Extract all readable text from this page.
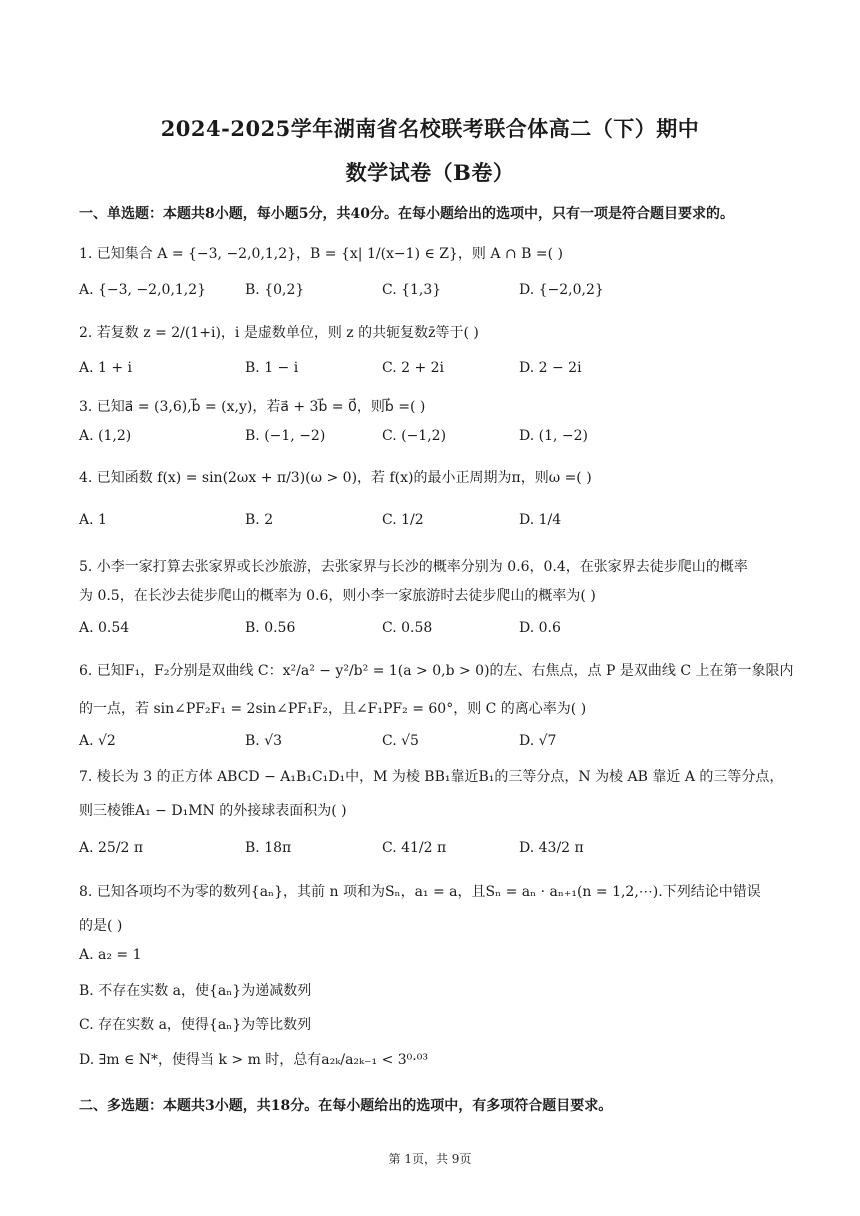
2024-2025学年湖南省名校联考联合体高二（下）期中
数学试卷（B卷）
一、单选题：本题共8小题，每小题5分，共40分。在每小题给出的选项中，只有一项是符合题目要求的。
1. 已知集合 A = {−3, −2,0,1,2}，B = {x| 1/(x−1) ∈ Z}，则 A ∩ B =( )
A. {−3, −2,0,1,2}	B. {0,2}	C. {1,3}	D. {−2,0,2}
2. 若复数 z = 2/(1+i)，i 是虚数单位，则 z 的共轭复数z̄等于( )
A. 1 + i	B. 1 − i	C. 2 + 2i	D. 2 − 2i
3. 已知a⃗ = (3,6),b⃗ = (x,y)，若a⃗ + 3b⃗ = 0⃗，则b⃗ =( )
A. (1,2)	B. (−1, −2)	C. (−1,2)	D. (1, −2)
4. 已知函数 f(x) = sin(2ωx + π/3)(ω > 0)，若 f(x)的最小正周期为π，则ω =( )
A. 1	B. 2	C. 1/2	D. 1/4
5. 小李一家打算去张家界或长沙旅游，去张家界与长沙的概率分别为 0.6，0.4，在张家界去徒步爬山的概率
为 0.5，在长沙去徒步爬山的概率为 0.6，则小李一家旅游时去徒步爬山的概率为( )
A. 0.54	B. 0.56	C. 0.58	D. 0.6
6. 已知F₁，F₂分别是双曲线 C：x²/a² − y²/b² = 1(a > 0,b > 0)的左、右焦点，点 P 是双曲线 C 上在第一象限内
的一点，若 sin∠PF₂F₁ = 2sin∠PF₁F₂，且∠F₁PF₂ = 60°，则 C 的离心率为( )
A. √2	B. √3	C. √5	D. √7
7. 棱长为 3 的正方体 ABCD − A₁B₁C₁D₁中，M 为棱 BB₁靠近B₁的三等分点，N 为棱 AB 靠近 A 的三等分点，
则三棱锥A₁ − D₁MN 的外接球表面积为( )
A. 25/2 π	B. 18π	C. 41/2 π	D. 43/2 π
8. 已知各项均不为零的数列{aₙ}，其前 n 项和为Sₙ，a₁ = a，且Sₙ = aₙ · aₙ₊₁(n = 1,2,⋯).下列结论中错误
的是( )
A. a₂ = 1
B. 不存在实数 a，使{aₙ}为递减数列
C. 存在实数 a，使得{aₙ}为等比数列
D. ∃m ∈ N*，使得当 k > m 时，总有a₂ₖ/a₂ₖ₋₁ < 3⁰·⁰³
二、多选题：本题共3小题，共18分。在每小题给出的选项中，有多项符合题目要求。
第 1页，共 9页
